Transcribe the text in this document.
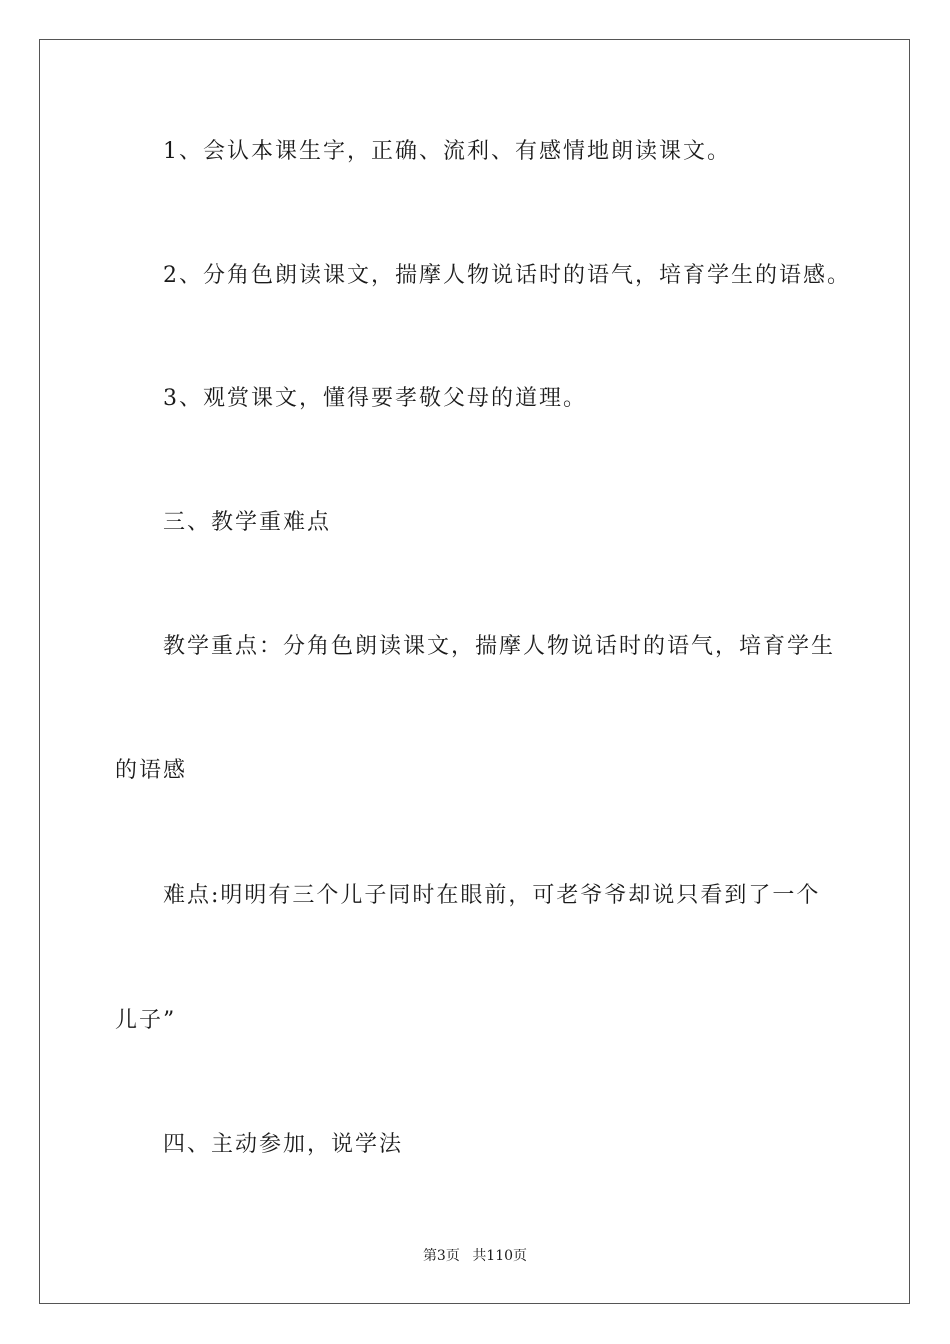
1、会认本课生字，正确、流利、有感情地朗读课文。
2、分角色朗读课文，揣摩人物说话时的语气，培育学生的语感。
3、观赏课文，懂得要孝敬父母的道理。
三、教学重难点
教学重点：分角色朗读课文，揣摩人物说话时的语气，培育学生
的语感
难点:明明有三个儿子同时在眼前，可老爷爷却说只看到了一个
儿子”
四、主动参加，说学法
第3页 共110页
